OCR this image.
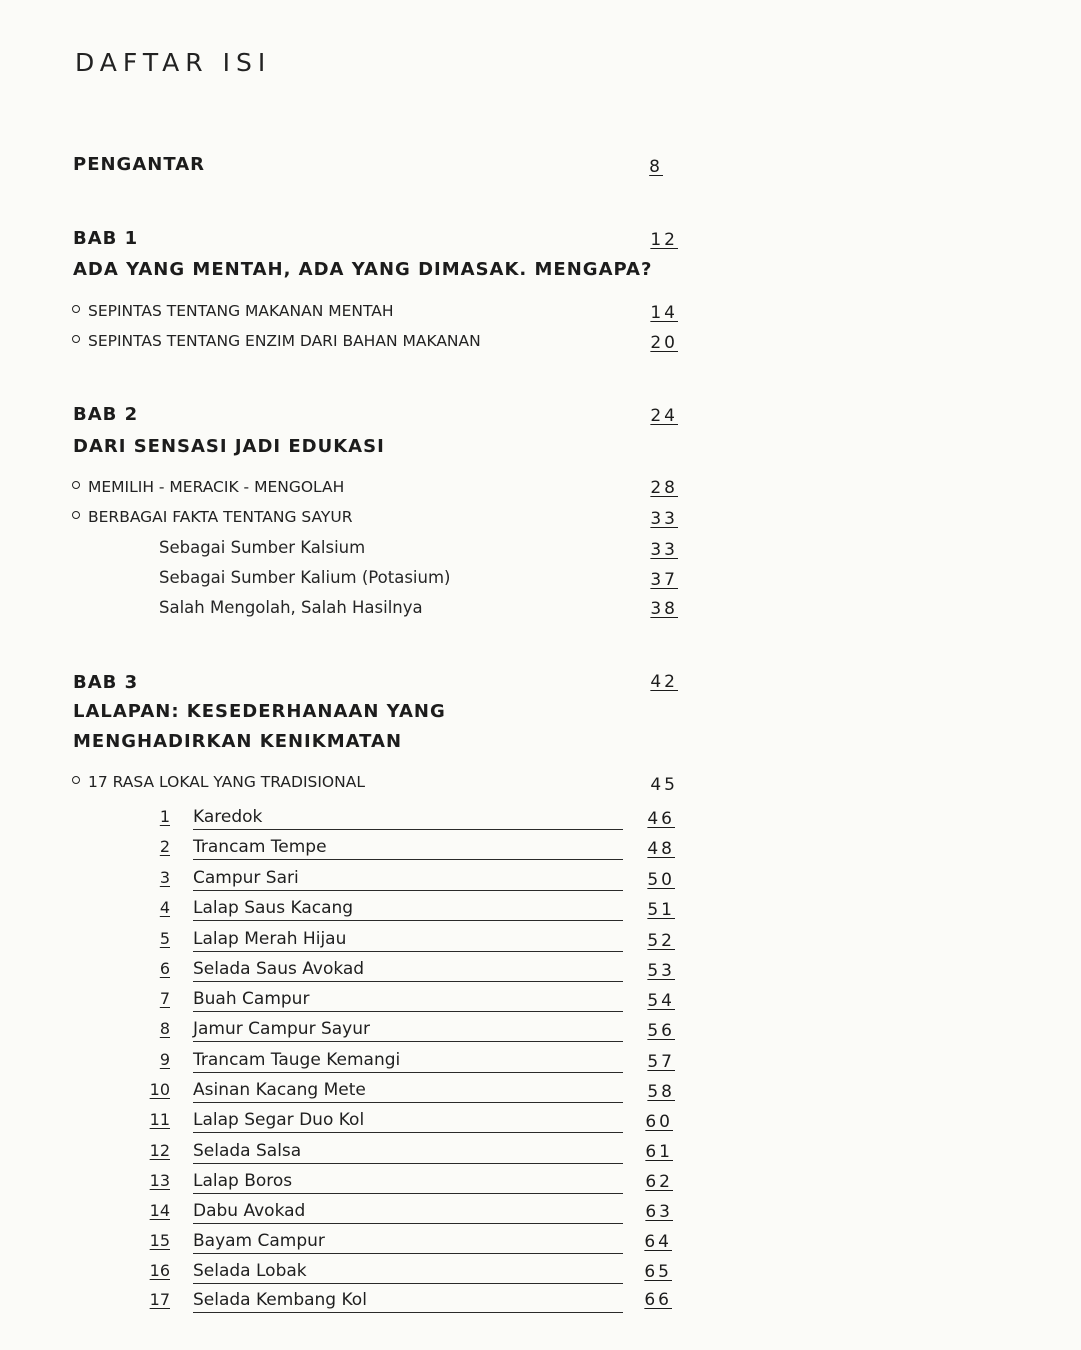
DAFTAR ISI
PENGANTAR	8
BAB 1	12
ADA YANG MENTAH, ADA YANG DIMASAK. MENGAPA?
SEPINTAS TENTANG MAKANAN MENTAH	14
SEPINTAS TENTANG ENZIM DARI BAHAN MAKANAN	20
BAB 2	24
DARI SENSASI JADI EDUKASI
MEMILIH - MERACIK - MENGOLAH	28
BERBAGAI FAKTA TENTANG SAYUR	33
Sebagai Sumber Kalsium	33
Sebagai Sumber Kalium (Potasium)	37
Salah Mengolah, Salah Hasilnya	38
BAB 3	42
LALAPAN: KESEDERHANAAN YANG
MENGHADIRKAN KENIKMATAN
17 RASA LOKAL YANG TRADISIONAL	45
1 Karedok	46
2 Trancam Tempe	48
3 Campur Sari	50
4 Lalap Saus Kacang	51
5 Lalap Merah Hijau	52
6 Selada Saus Avokad	53
7 Buah Campur	54
8 Jamur Campur Sayur	56
9 Trancam Tauge Kemangi	57
10 Asinan Kacang Mete	58
11 Lalap Segar Duo Kol	60
12 Selada Salsa	61
13 Lalap Boros	62
14 Dabu Avokad	63
15 Bayam Campur	64
16 Selada Lobak	65
17 Selada Kembang Kol	66
